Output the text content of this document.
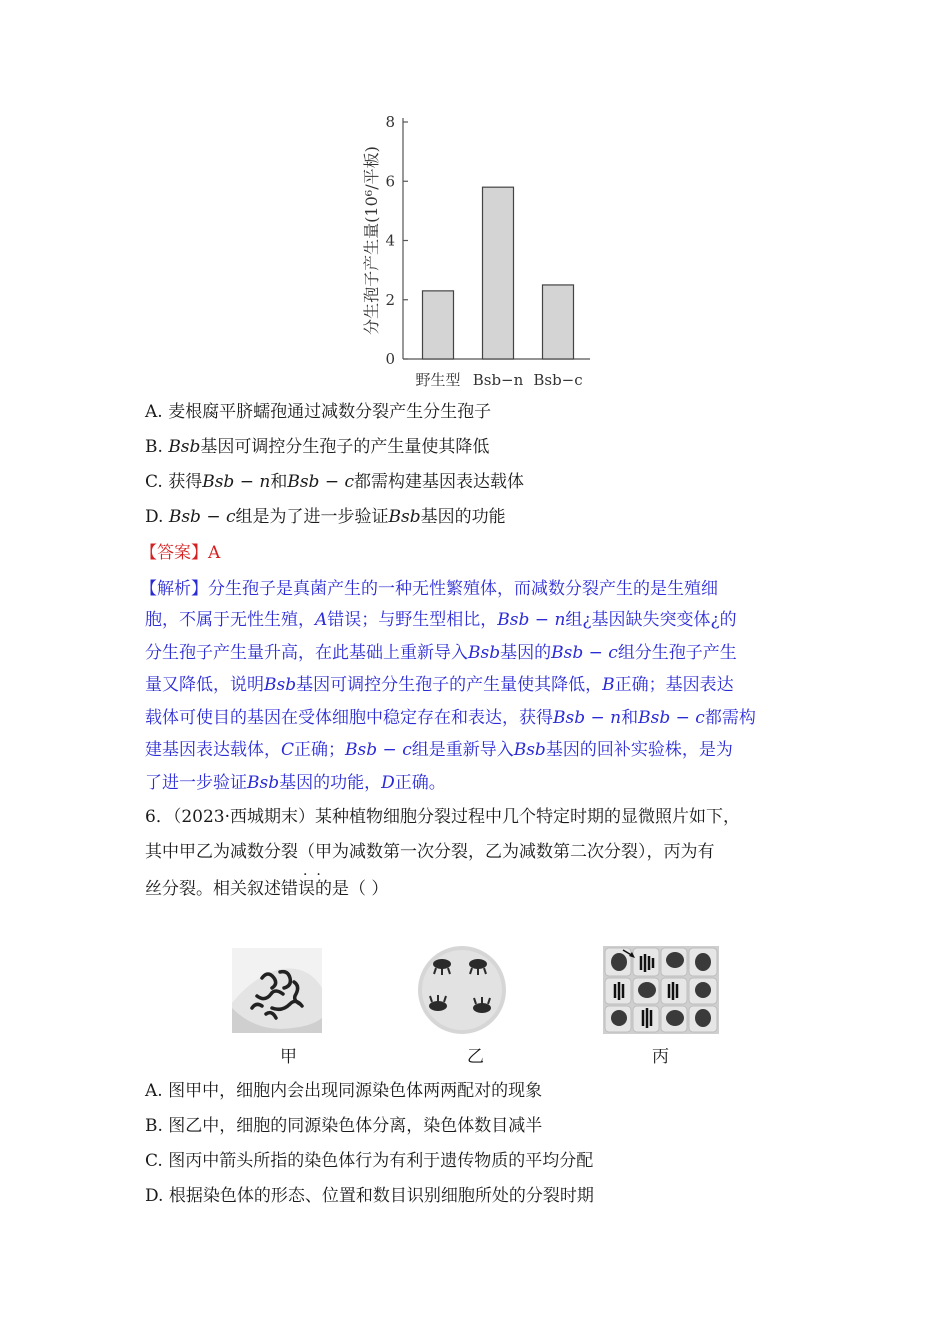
0
2
4
6
8
野生型 Bsb−n Bsb−c
分生孢子产生量(10⁶/平板)
A. 麦根腐平脐蠕孢通过减数分裂产生分生孢子
B. Bsb基因可调控分生孢子的产生量使其降低
C. 获得Bsb − n和Bsb − c都需构建基因表达载体
D. Bsb − c组是为了进一步验证Bsb基因的功能
【答案】A
【解析】分生孢子是真菌产生的一种无性繁殖体，而减数分裂产生的是生殖细
胞，不属于无性生殖，A错误；与野生型相比，Bsb − n组¿基因缺失突变体¿的
分生孢子产生量升高，在此基础上重新导入Bsb基因的Bsb − c组分生孢子产生
量又降低，说明Bsb基因可调控分生孢子的产生量使其降低，B正确；基因表达
载体可使目的基因在受体细胞中稳定存在和表达，获得Bsb − n和Bsb − c都需构
建基因表达载体，C正确；Bsb − c组是重新导入Bsb基因的回补实验株，是为
了进一步验证Bsb基因的功能，D正确。
6．（2023·西城期末）某种植物细胞分裂过程中几个特定时期的显微照片如下，
其中甲乙为减数分裂（甲为减数第一次分裂，乙为减数第二次分裂），丙为有
·  ·
丝分裂。相关叙述错误的是（ ）
甲	乙	丙
A. 图甲中，细胞内会出现同源染色体两两配对的现象
B. 图乙中，细胞的同源染色体分离，染色体数目减半
C. 图丙中箭头所指的染色体行为有利于遗传物质的平均分配
D. 根据染色体的形态、位置和数目识别细胞所处的分裂时期
